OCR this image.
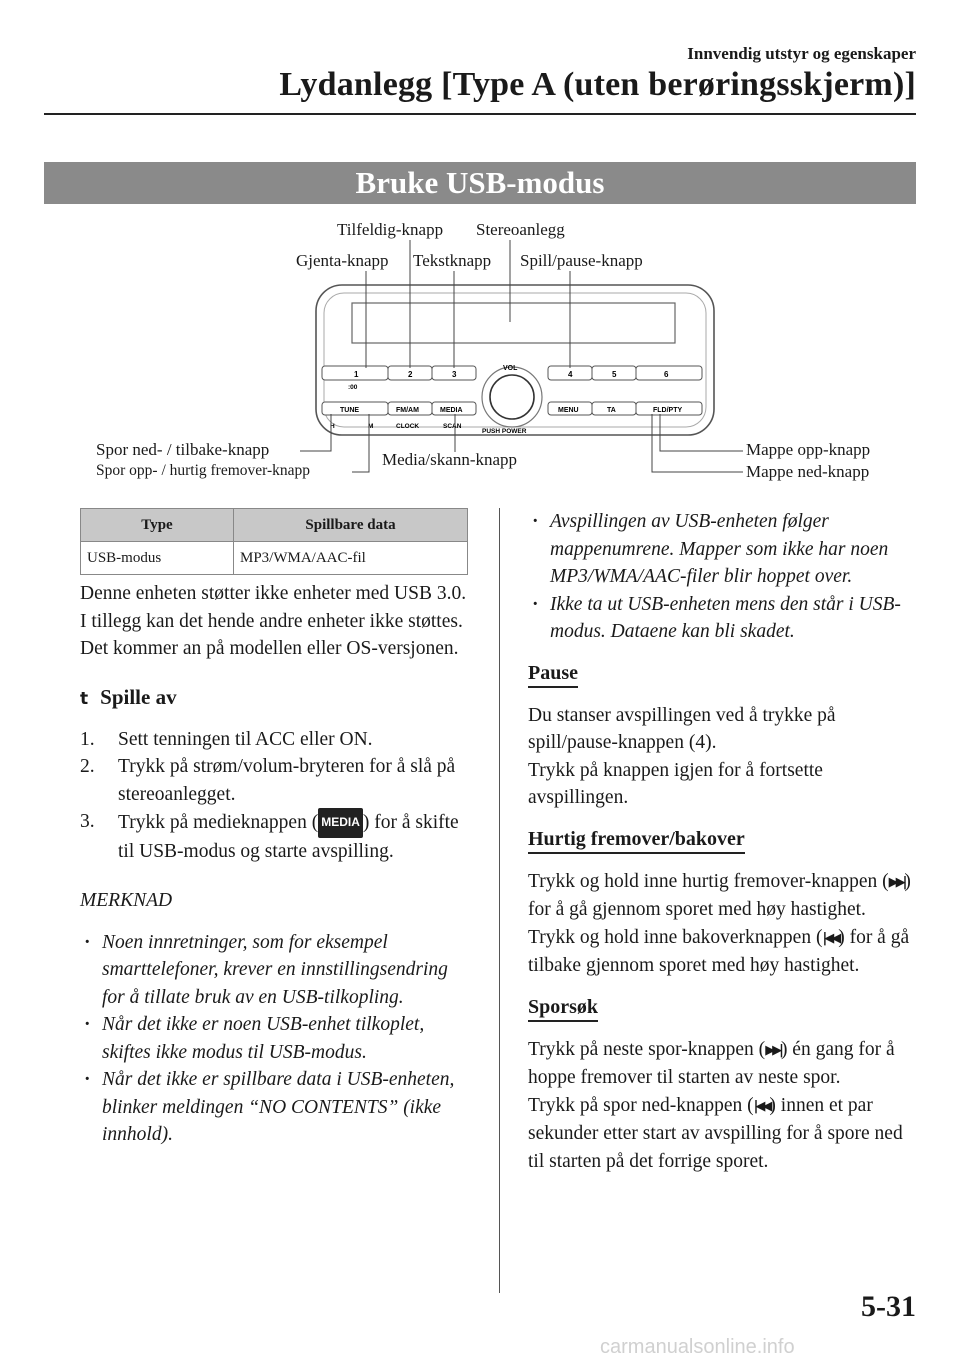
Innvendig utstyr og egenskaper
Lydanlegg [Type A (uten berøringsskjerm)]
Bruke USB-modus
Tilfeldig-knapp Stereoanlegg
Gjenta-knapp Tekstknapp Spill/pause-knapp
Spor ned- / tilbake-knapp
Spor opp- / hurtig fremover-knapp
Media/skann-knapp
Mappe opp-knapp
Mappe ned-knapp
1	2	3	4	5	6
:00
VOL
PUSH POWER
TUNE	FM/AM	MEDIA	MENU	TA	FLD/PTY
H	M	CLOCK	SCAN
Type	Spillbare data
USB-modus	MP3/WMA/AAC-fil
Denne enheten støtter ikke enheter med USB 3.0. I tillegg kan det hende andre enheter ikke støttes. Det kommer an på modellen eller OS-versjonen.
t Spille av
1. Sett tenningen til ACC eller ON.
2. Trykk på strøm/volum-bryteren for å slå på stereoanlegget.
3. Trykk på medieknappen ( MEDIA ) for å skifte til USB-modus og starte avspilling.
MERKNAD
· Noen innretninger, som for eksempel smarttelefoner, krever en innstillingsendring for å tillate bruk av en USB-tilkopling.
· Når det ikke er noen USB-enhet tilkoplet, skiftes ikke modus til USB-modus.
· Når det ikke er spillbare data i USB-enheten, blinker meldingen “NO CONTENTS” (ikke innhold).
· Avspillingen av USB-enheten følger mappenumrene. Mapper som ikke har noen MP3/WMA/AAC-filer blir hoppet over.
· Ikke ta ut USB-enheten mens den står i USB-modus. Dataene kan bli skadet.
Pause
Du stanser avspillingen ved å trykke på spill/pause-knappen (4).
Trykk på knappen igjen for å fortsette avspillingen.
Hurtig fremover/bakover
Trykk og hold inne hurtig fremover-knappen (▶▶|) for å gå gjennom sporet med høy hastighet.
Trykk og hold inne bakoverknappen (|◀◀) for å gå tilbake gjennom sporet med høy hastighet.
Sporsøk
Trykk på neste spor-knappen (▶▶|) én gang for å hoppe fremover til starten av neste spor.
Trykk på spor ned-knappen (|◀◀) innen et par sekunder etter start av avspilling for å spore ned til starten på det forrige sporet.
5-31
carmanualsonline.info
